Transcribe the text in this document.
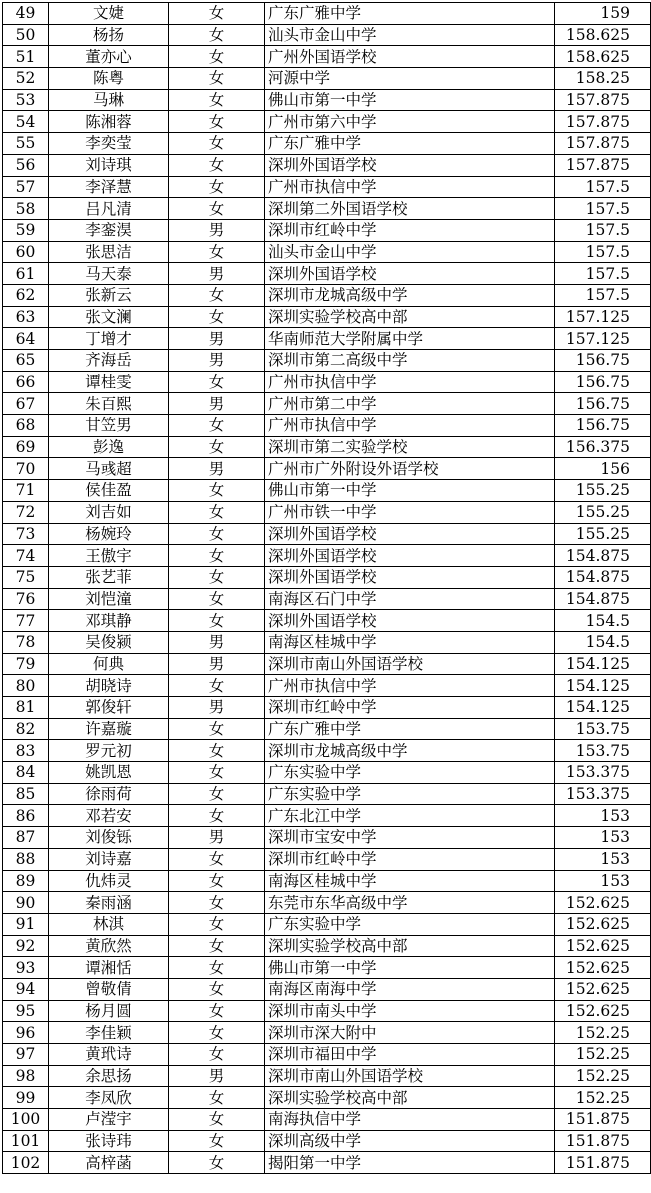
49	文婕	女	广东广雅中学	159
50	杨扬	女	汕头市金山中学	158.625
51	董亦心	女	广州外国语学校	158.625
52	陈粤	女	河源中学	158.25
53	马琳	女	佛山市第一中学	157.875
54	陈湘蓉	女	广州市第六中学	157.875
55	李奕莹	女	广东广雅中学	157.875
56	刘诗琪	女	深圳外国语学校	157.875
57	李泽慧	女	广州市执信中学	157.5
58	吕凡清	女	深圳第二外国语学校	157.5
59	李銮淏	男	深圳市红岭中学	157.5
60	张思洁	女	汕头市金山中学	157.5
61	马天泰	男	深圳外国语学校	157.5
62	张新云	女	深圳市龙城高级中学	157.5
63	张文澜	女	深圳实验学校高中部	157.125
64	丁增才	男	华南师范大学附属中学	157.125
65	齐海岳	男	深圳市第二高级中学	156.75
66	谭桂雯	女	广州市执信中学	156.75
67	朱百熙	男	广州市第二中学	156.75
68	甘笠男	女	广州市执信中学	156.75
69	彭逸	女	深圳市第二实验学校	156.375
70	马彧超	男	广州市广外附设外语学校	156
71	侯佳盈	女	佛山市第一中学	155.25
72	刘吉如	女	广州市铁一中学	155.25
73	杨婉玲	女	深圳外国语学校	155.25
74	王傲宇	女	深圳外国语学校	154.875
75	张艺菲	女	深圳外国语学校	154.875
76	刘恺潼	女	南海区石门中学	154.875
77	邓琪静	女	深圳外国语学校	154.5
78	吴俊颍	男	南海区桂城中学	154.5
79	何典	男	深圳市南山外国语学校	154.125
80	胡晓诗	女	广州市执信中学	154.125
81	郭俊轩	男	深圳市红岭中学	154.125
82	许嘉璇	女	广东广雅中学	153.75
83	罗元初	女	深圳市龙城高级中学	153.75
84	姚凯恩	女	广东实验中学	153.375
85	徐雨荷	女	广东实验中学	153.375
86	邓若安	女	广东北江中学	153
87	刘俊铄	男	深圳市宝安中学	153
88	刘诗嘉	女	深圳市红岭中学	153
89	仇炜灵	女	南海区桂城中学	153
90	秦雨涵	女	东莞市东华高级中学	152.625
91	林淇	女	广东实验中学	152.625
92	黄欣然	女	深圳实验学校高中部	152.625
93	谭湘恬	女	佛山市第一中学	152.625
94	曾敬倩	女	南海区南海中学	152.625
95	杨月圆	女	深圳市南头中学	152.625
96	李佳颖	女	深圳市深大附中	152.25
97	黄玳诗	女	深圳市福田中学	152.25
98	余思扬	男	深圳市南山外国语学校	152.25
99	李凤欣	女	深圳实验学校高中部	152.25
100	卢滢宇	女	南海执信中学	151.875
101	张诗玮	女	深圳高级中学	151.875
102	高梓菡	女	揭阳第一中学	151.875
